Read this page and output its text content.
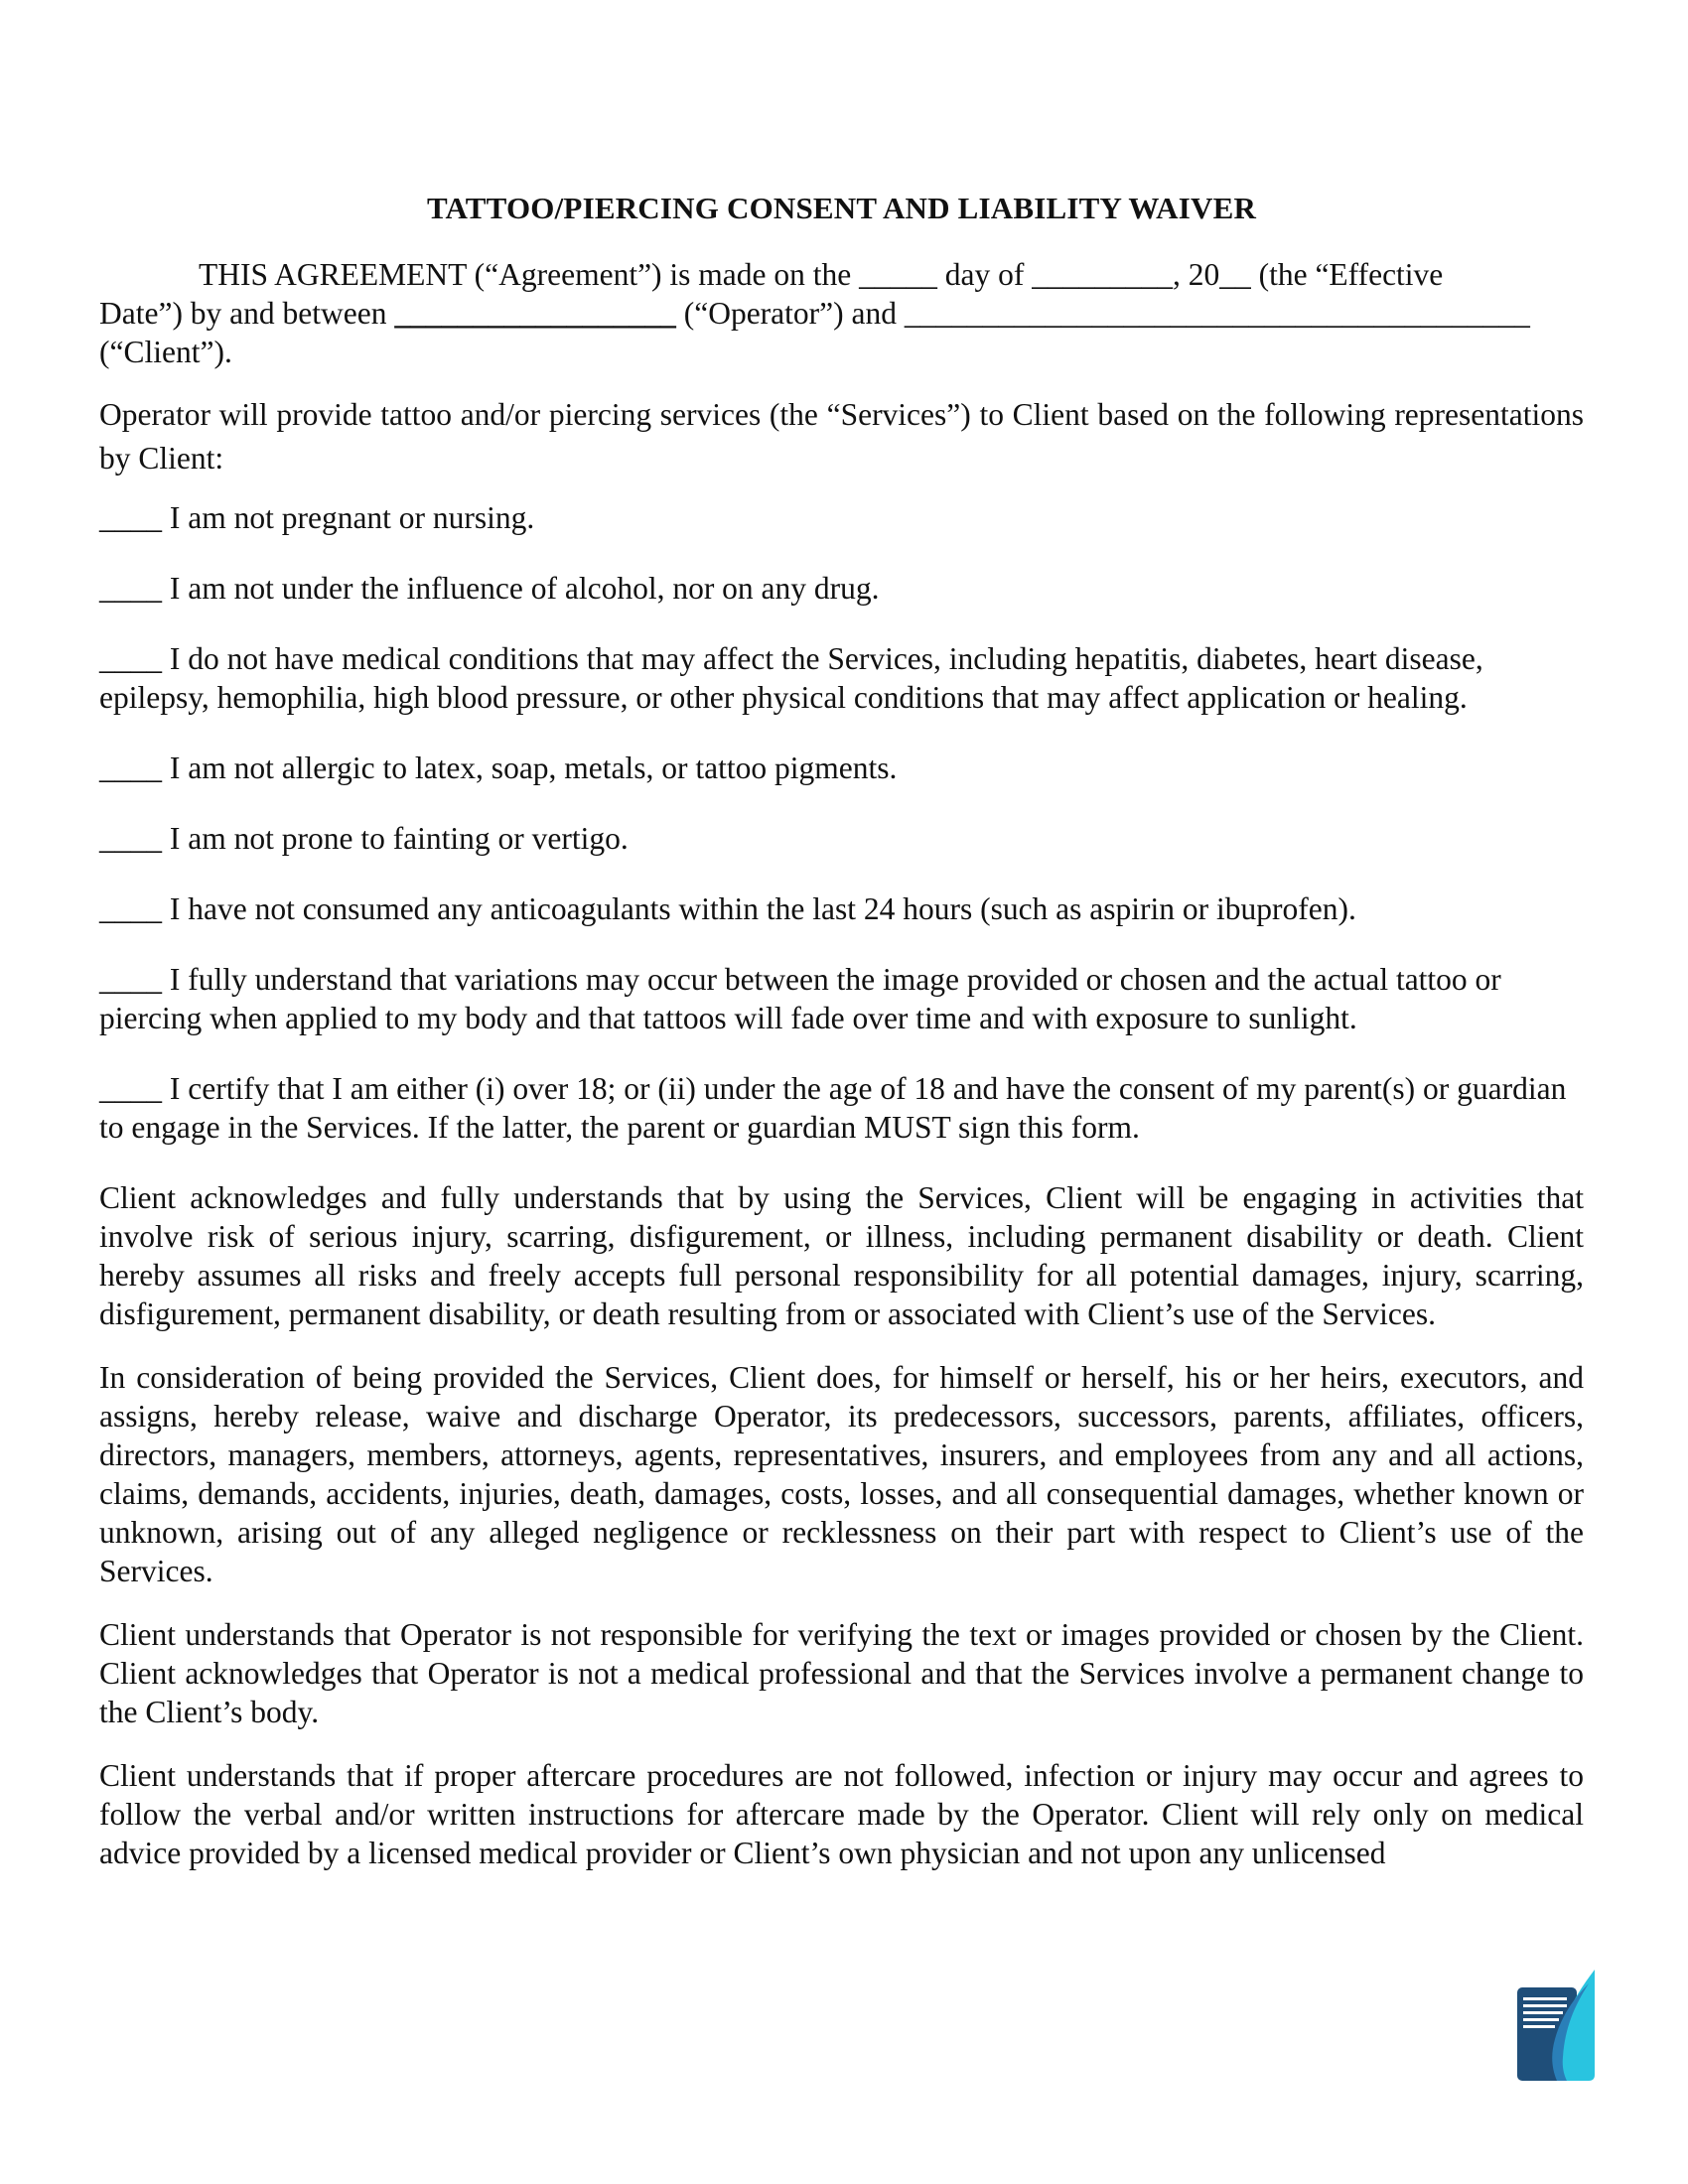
TATTOO/PIERCING CONSENT AND LIABILITY WAIVER
THIS AGREEMENT (“Agreement”) is made on the _____ day of _________, 20__ (the “Effective
Date”) by and between __________________ (“Operator”) and ________________________________________
(“Client”).
Operator will provide tattoo and/or piercing services (the “Services”) to Client based on the following representations by Client:
____ I am not pregnant or nursing.
____ I am not under the influence of alcohol, nor on any drug.
____ I do not have medical conditions that may affect the Services, including hepatitis, diabetes, heart disease, epilepsy, hemophilia, high blood pressure, or other physical conditions that may affect application or healing.
____ I am not allergic to latex, soap, metals, or tattoo pigments.
____ I am not prone to fainting or vertigo.
____ I have not consumed any anticoagulants within the last 24 hours (such as aspirin or ibuprofen).
____ I fully understand that variations may occur between the image provided or chosen and the actual tattoo or piercing when applied to my body and that tattoos will fade over time and with exposure to sunlight.
____ I certify that I am either (i) over 18; or (ii) under the age of 18 and have the consent of my parent(s) or guardian to engage in the Services. If the latter, the parent or guardian MUST sign this form.
Client acknowledges and fully understands that by using the Services, Client will be engaging in activities that involve risk of serious injury, scarring, disfigurement, or illness, including permanent disability or death. Client hereby assumes all risks and freely accepts full personal responsibility for all potential damages, injury, scarring, disfigurement, permanent disability, or death resulting from or associated with Client’s use of the Services.
In consideration of being provided the Services, Client does, for himself or herself, his or her heirs, executors, and assigns, hereby release, waive and discharge Operator, its predecessors, successors, parents, affiliates, officers, directors, managers, members, attorneys, agents, representatives, insurers, and employees from any and all actions, claims, demands, accidents, injuries, death, damages, costs, losses, and all consequential damages, whether known or unknown, arising out of any alleged negligence or recklessness on their part with respect to Client’s use of the Services.
Client understands that Operator is not responsible for verifying the text or images provided or chosen by the Client. Client acknowledges that Operator is not a medical professional and that the Services involve a permanent change to the Client’s body.
Client understands that if proper aftercare procedures are not followed, infection or injury may occur and agrees to follow the verbal and/or written instructions for aftercare made by the Operator. Client will rely only on medical advice provided by a licensed medical provider or Client’s own physician and not upon any unlicensed
